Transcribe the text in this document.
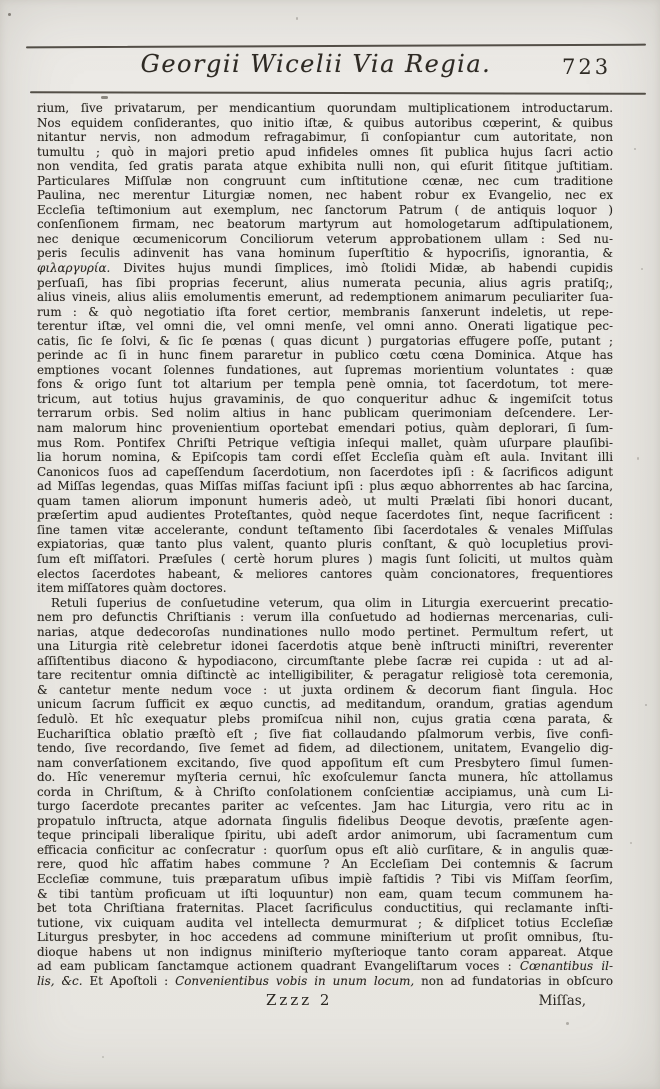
Georgii Wicelii Via Regia.	723
rium, ſive privatarum, per mendicantium quorundam multiplicationem introductarum.
Nos equidem conſiderantes, quo initio iſtæ, & quibus autoribus cœperint, & quibus
nitantur nervis, non admodum refragabimur, ſi conſopiantur cum autoritate, non
tumultu ; quò in majori pretio apud infideles omnes ſit publica hujus ſacri actio
non vendita, ſed gratis parata atque exhibita nulli non, qui eſurit ſititque juſtitiam.
Particulares Miſſulæ non congruunt cum inſtitutione cœnæ, nec cum traditione
Paulina, nec merentur Liturgiæ nomen, nec habent robur ex Evangelio, nec ex
Eccleſia teſtimonium aut exemplum, nec ſanctorum Patrum ( de antiquis loquor )
conſenſionem firmam, nec beatorum martyrum aut homologetarum adſtipulationem,
nec denique œcumenicorum Conciliorum veterum approbationem ullam : Sed nu-
peris ſeculis adinvenit has vana hominum ſuperſtitio & hypocriſis, ignorantia, &
φιλαργυρία. Divites hujus mundi ſimplices, imò ſtolidi Midæ, ab habendi cupidis
perſuaſi, has ſibi proprias fecerunt, alius numerata pecunia, alius agris pratiſq;,
alius vineis, alius aliis emolumentis emerunt, ad redemptionem animarum peculiariter ſua-
rum : & quò negotiatio iſta foret certior, membranis ſanxerunt indeletis, ut repe-
terentur iſtæ, vel omni die, vel omni menſe, vel omni anno. Onerati ligatique pec-
catis, ſic ſe ſolvi, & ſic ſe pœnas ( quas dicunt ) purgatorias effugere poſſe, putant ;
perinde ac ſi in hunc finem pararetur in publico cœtu cœna Dominica. Atque has
emptiones vocant ſolennes fundationes, aut ſupremas morientium voluntates : quæ
fons & origo ſunt tot altarium per templa penè omnia, tot ſacerdotum, tot mere-
tricum, aut totius hujus gravaminis, de quo conqueritur adhuc & ingemiſcit totus
terrarum orbis. Sed nolim altius in hanc publicam querimoniam deſcendere. Ler-
nam malorum hinc provenientium oportebat emendari potius, quàm deplorari, ſi ſum-
mus Rom. Pontifex Chriſti Petrique veſtigia inſequi mallet, quàm uſurpare plauſibi-
lia horum nomina, & Epiſcopis tam cordi eſſet Eccleſia quàm eſt aula. Invitant illi
Canonicos ſuos ad capeſſendum ſacerdotium, non ſacerdotes ipſi : & ſacrificos adigunt
ad Miſſas legendas, quas Miſſas miſſas faciunt ipſi : plus æquo abhorrentes ab hac ſarcina,
quam tamen aliorum imponunt humeris adeò, ut multi Prælati ſibi honori ducant,
præſertim apud audientes Proteſtantes, quòd neque ſacerdotes ſint, neque ſacrificent :
ſine tamen vitæ accelerante, condunt teſtamento ſibi ſacerdotales & venales Miſſulas
expiatorias, quæ tanto plus valent, quanto pluris conſtant, & quò locupletius provi-
ſum eſt miſſatori. Præſules ( certè horum plures ) magis ſunt ſoliciti, ut multos quàm
electos ſacerdotes habeant, & meliores cantores quàm concionatores, frequentiores
item miſſatores quàm doctores.
Retuli ſuperius de conſuetudine veterum, qua olim in Liturgia exercuerint precatio-
nem pro defunctis Chriſtianis : verum illa conſuetudo ad hodiernas mercenarias, culi-
narias, atque dedecoroſas nundinationes nullo modo pertinet. Permultum refert, ut
una Liturgia ritè celebretur idonei ſacerdotis atque benè inſtructi miniſtri, reverenter
aſſiſtentibus diacono & hypodiacono, circumſtante plebe ſacræ rei cupida : ut ad al-
tare recitentur omnia diſtinctè ac intelligibiliter, & peragatur religiosè tota ceremonia,
& cantetur mente nedum voce : ut juxta ordinem & decorum fiant ſingula. Hoc
unicum ſacrum ſufficit ex æquo cunctis, ad meditandum, orandum, gratias agendum
ſedulò. Et hîc exequatur plebs promiſcua nihil non, cujus gratia cœna parata, &
Euchariſtica oblatio præſtò eſt ; ſive fiat collaudando pſalmorum verbis, ſive confi-
tendo, ſive recordando, ſive ſemet ad fidem, ad dilectionem, unitatem, Evangelio dig-
nam converſationem excitando, ſive quod appoſitum eſt cum Presbytero ſimul ſumen-
do. Hîc veneremur myſteria cernui, hîc exoſculemur ſancta munera, hîc attollamus
corda in Chriſtum, & à Chriſto conſolationem conſcientiæ accipiamus, unà cum Li-
turgo ſacerdote precantes pariter ac veſcentes. Jam hac Liturgia, vero ritu ac in
propatulo inſtructa, atque adornata ſingulis fidelibus Deoque devotis, præſente agen-
teque principali liberalique ſpiritu, ubi adeſt ardor animorum, ubi ſacramentum cum
efficacia conficitur ac conſecratur : quorſum opus eſt aliò curſitare, & in angulis quæ-
rere, quod hîc affatim habes commune ? An Eccleſiam Dei contemnis & ſacrum
Eccleſiæ commune, tuis præparatum uſibus impiè faſtidis ? Tibi vis Miſſam ſeorſim,
& tibi tantùm proficuam ut iſti loquuntur) non eam, quam tecum communem ha-
bet tota Chriſtiana fraternitas. Placet ſacrificulus conductitius, qui reclamante inſti-
tutione, vix cuiquam audita vel intellecta demurmurat ; & diſplicet totius Eccleſiæ
Liturgus presbyter, in hoc accedens ad commune miniſterium ut proſit omnibus, ſtu-
dioque habens ut non indignus miniſterio myſterioque tanto coram appareat. Atque
ad eam publicam ſanctamque actionem quadrant Evangeliſtarum voces : Cœnantibus il-
lis, &c. Et Apoſtoli : Convenientibus vobis in unum locum, non ad fundatorias in obſcuro
Zzzz 2	Miſſas,
